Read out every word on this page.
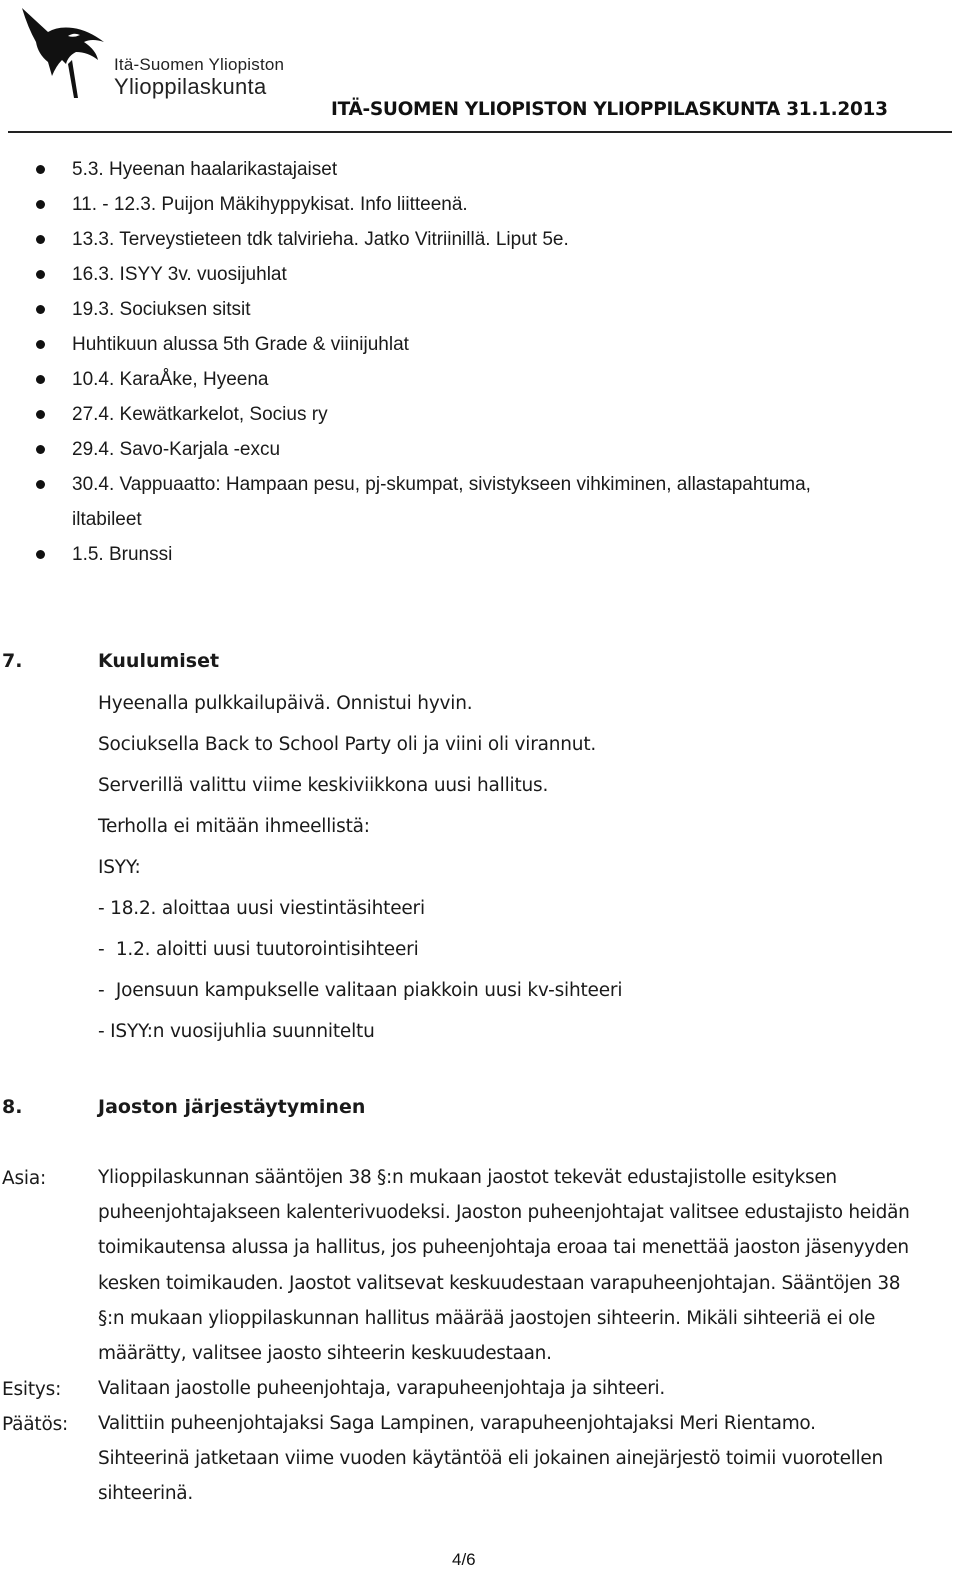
Itä-Suomen Yliopiston
Ylioppilaskunta
ITÄ-SUOMEN YLIOPISTON YLIOPPILASKUNTA 31.1.2013
5.3. Hyeenan haalarikastajaiset
11. - 12.3. Puijon Mäkihyppykisat. Info liitteenä.
13.3. Terveystieteen tdk talvirieha. Jatko Vitriinillä. Liput 5e.
16.3. ISYY 3v. vuosijuhlat
19.3. Sociuksen sitsit
Huhtikuun alussa 5th Grade & viinijuhlat
10.4. KaraÅke, Hyeena
27.4. Kewätkarkelot, Socius ry
29.4. Savo-Karjala -excu
30.4. Vappuaatto: Hampaan pesu, pj-skumpat, sivistykseen vihkiminen, allastapahtuma, iltabileet
1.5. Brunssi
7.	Kuulumiset
Hyeenalla pulkkailupäivä. Onnistui hyvin.
Sociuksella Back to School Party oli ja viini oli virannut.
Serverillä valittu viime keskiviikkona uusi hallitus.
Terholla ei mitään ihmeellistä:
ISYY:
- 18.2. aloittaa uusi viestintäsihteeri
-  1.2. aloitti uusi tuutorointisihteeri
-  Joensuun kampukselle valitaan piakkoin uusi kv-sihteeri
- ISYY:n vuosijuhlia suunniteltu
8.	Jaoston järjestäytyminen
Asia:	Ylioppilaskunnan sääntöjen 38 §:n mukaan jaostot tekevät edustajistolle esityksen puheenjohtajakseen kalenterivuodeksi. Jaoston puheenjohtajat valitsee edustajisto heidän toimikautensa alussa ja hallitus, jos puheenjohtaja eroaa tai menettää jaoston jäsenyyden kesken toimikauden. Jaostot valitsevat keskuudestaan varapuheenjohtajan. Sääntöjen 38 §:n mukaan ylioppilaskunnan hallitus määrää jaostojen sihteerin. Mikäli sihteeriä ei ole määrätty, valitsee jaosto sihteerin keskuudestaan.

Esitys: Valitaan jaostolle puheenjohtaja, varapuheenjohtaja ja sihteeri.

Päätös: Valittiin puheenjohtajaksi Saga Lampinen, varapuheenjohtajaksi Meri Rientamo. Sihteerinä jatketaan viime vuoden käytäntöä eli jokainen ainejärjestö toimii vuorotellen sihteerinä.

4/6
